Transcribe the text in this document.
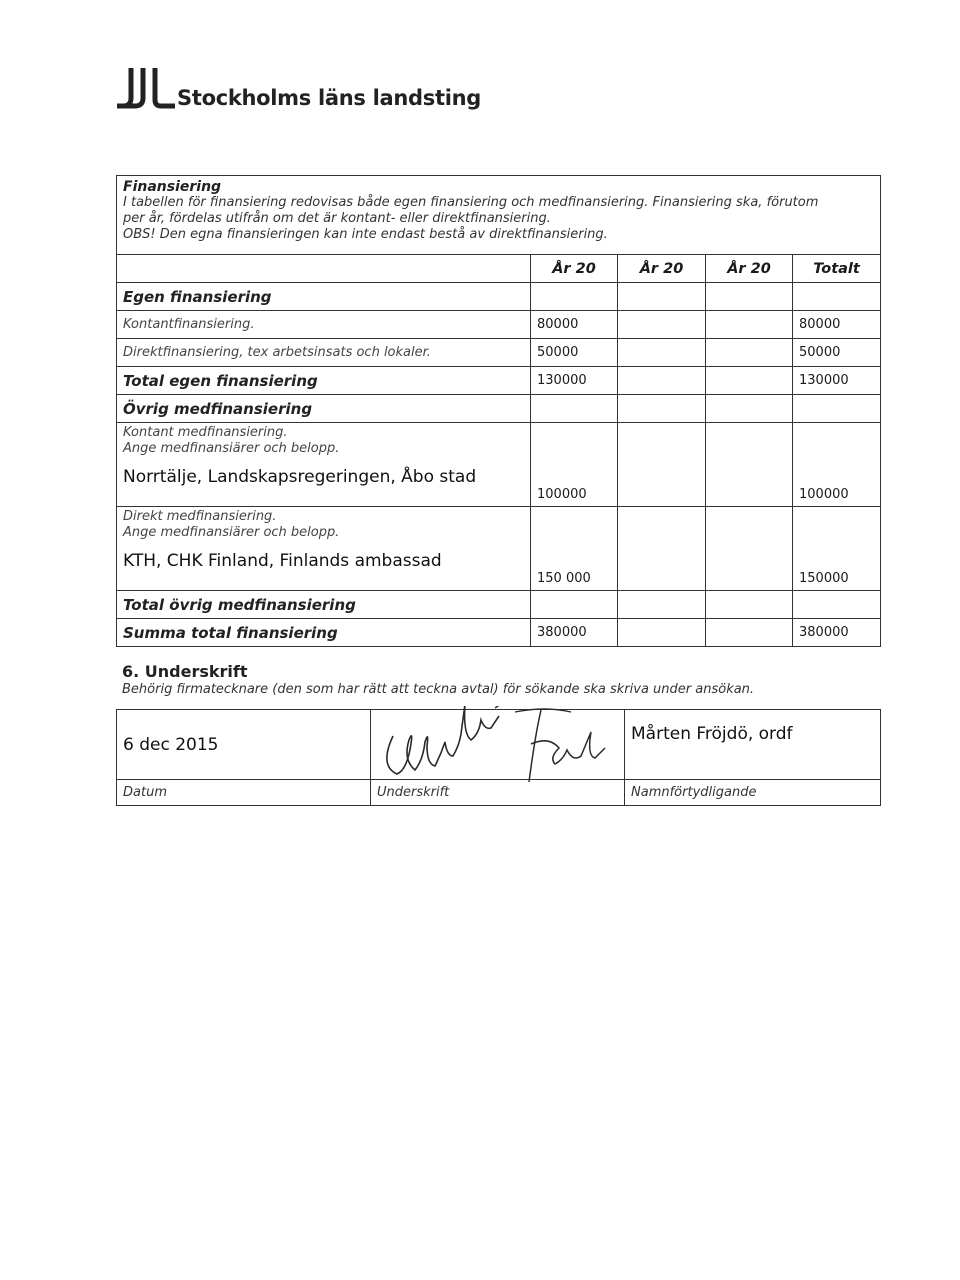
Stockholms läns landsting
Finansiering
I tabellen för finansiering redovisas både egen finansiering och medfinansiering. Finansiering ska, förutom
per år, fördelas utifrån om det är kontant- eller direktfinansiering.
OBS! Den egna finansieringen kan inte endast bestå av direktfinansiering.				

	År 20	År 20	År 20	Totalt
Egen finansiering				
Kontantfinansiering.	80000			80000
Direktfinansiering, tex arbetsinsats och lokaler.	50000			50000
Total egen finansiering	130000			130000
Övrig medfinansiering				

Kontant medfinansiering.
Ange medfinansiärer och belopp.
Norrtälje, Landskapsregeringen, Åbo stad	100000			100000

Direkt medfinansiering.
Ange medfinansiärer och belopp.
KTH, CHK Finland, Finlands ambassad	150 000			150000
Total övrig medfinansiering				
Summa total finansiering	380000			380000
6. Underskrift
Behörig firmatecknare (den som har rätt att teckna avtal) för sökande ska skriva under ansökan.
6 dec 2015		Mårten Fröjdö, ordf
Datum	Underskrift	Namnförtydligande
